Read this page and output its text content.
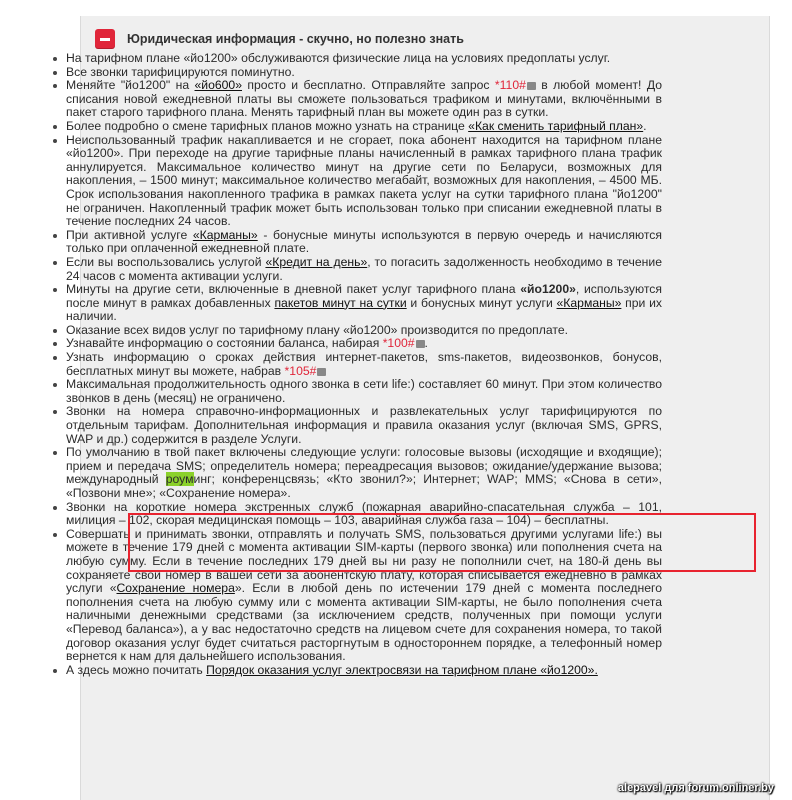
Юридическая информация - скучно, но полезно знать
На тарифном плане «йо1200» обслуживаются физические лица на условиях предоплаты услуг.
Все звонки тарифицируются поминутно.
Меняйте "йо1200" на «йо600» просто и бесплатно. Отправляйте запрос *110# в любой момент! До списания новой ежедневной платы вы сможете пользоваться трафиком и минутами, включёнными в пакет старого тарифного плана. Менять тарифный план вы можете один раз в сутки.
Более подробно о смене тарифных планов можно узнать на странице «Как сменить тарифный план».
Неиспользованный трафик накапливается и не сгорает, пока абонент находится на тарифном плане «йо1200». При переходе на другие тарифные планы начисленный в рамках тарифного плана трафик аннулируется. Максимальное количество минут на другие сети по Беларуси, возможных для накопления, – 1500 минут; максимальное количество мегабайт, возможных для накопления, – 4500 МБ. Срок использования накопленного трафика в рамках пакета услуг на сутки тарифного плана "йо1200" не ограничен. Накопленный трафик может быть использован только при списании ежедневной платы в течение последних 24 часов.
При активной услуге «Карманы» - бонусные минуты используются в первую очередь и начисляются только при оплаченной ежедневной плате.
Если вы воспользовались услугой «Кредит на день», то погасить задолженность необходимо в течение 24 часов с момента активации услуги.
Минуты на другие сети, включенные в дневной пакет услуг тарифного плана «йо1200», используются после минут в рамках добавленных пакетов минут на сутки и бонусных минут услуги «Карманы» при их наличии.
Оказание всех видов услуг по тарифному плану «йо1200» производится по предоплате.
Узнавайте информацию о состоянии баланса, набирая *100# .
Узнать информацию о сроках действия интернет-пакетов, sms-пакетов, видеозвонков, бонусов, бесплатных минут вы можете, набрав *105#
Максимальная продолжительность одного звонка в сети life:) составляет 60 минут. При этом количество звонков в день (месяц) не ограничено.
Звонки на номера справочно-информационных и развлекательных услуг тарифицируются по отдельным тарифам. Дополнительная информация и правила оказания услуг (включая SMS, GPRS, WAP и др.) содержится в разделе Услуги.
По умолчанию в твой пакет включены следующие услуги: голосовые вызовы (исходящие и входящие); прием и передача SMS; определитель номера; переадресация вызовов; ожидание/удержание вызова; международный роуминг; конференцсвязь; «Кто звонил?»; Интернет; WAP; MMS; «Снова в сети», «Позвони мне»; «Сохранение номера».
Звонки на короткие номера экстренных служб (пожарная аварийно-спасательная служба – 101, милиция – 102, скорая медицинская помощь – 103, аварийная служба газа – 104) – бесплатны.
Совершать и принимать звонки, отправлять и получать SMS, пользоваться другими услугами life:) вы можете в течение 179 дней с момента активации SIM-карты (первого звонка) или пополнения счета на любую сумму. Если в течение последних 179 дней вы ни разу не пополнили счет, на 180-й день вы сохраняете свой номер в вашей сети за абонентскую плату, которая списывается ежедневно в рамках услуги «Сохранение номера». Если в любой день по истечении 179 дней с момента последнего пополнения счета на любую сумму или с момента активации SIM-карты, не было пополнения счета наличными денежными средствами (за исключением средств, полученных при помощи услуги «Перевод баланса»), а у вас недостаточно средств на лицевом счете для сохранения номера, то такой договор оказания услуг будет считаться расторгнутым в одностороннем порядке, а телефонный номер вернется к нам для дальнейшего использования.
А здесь можно почитать Порядок оказания услуг электросвязи на тарифном плане «йо1200».
alepavel для forum.onliner.by
